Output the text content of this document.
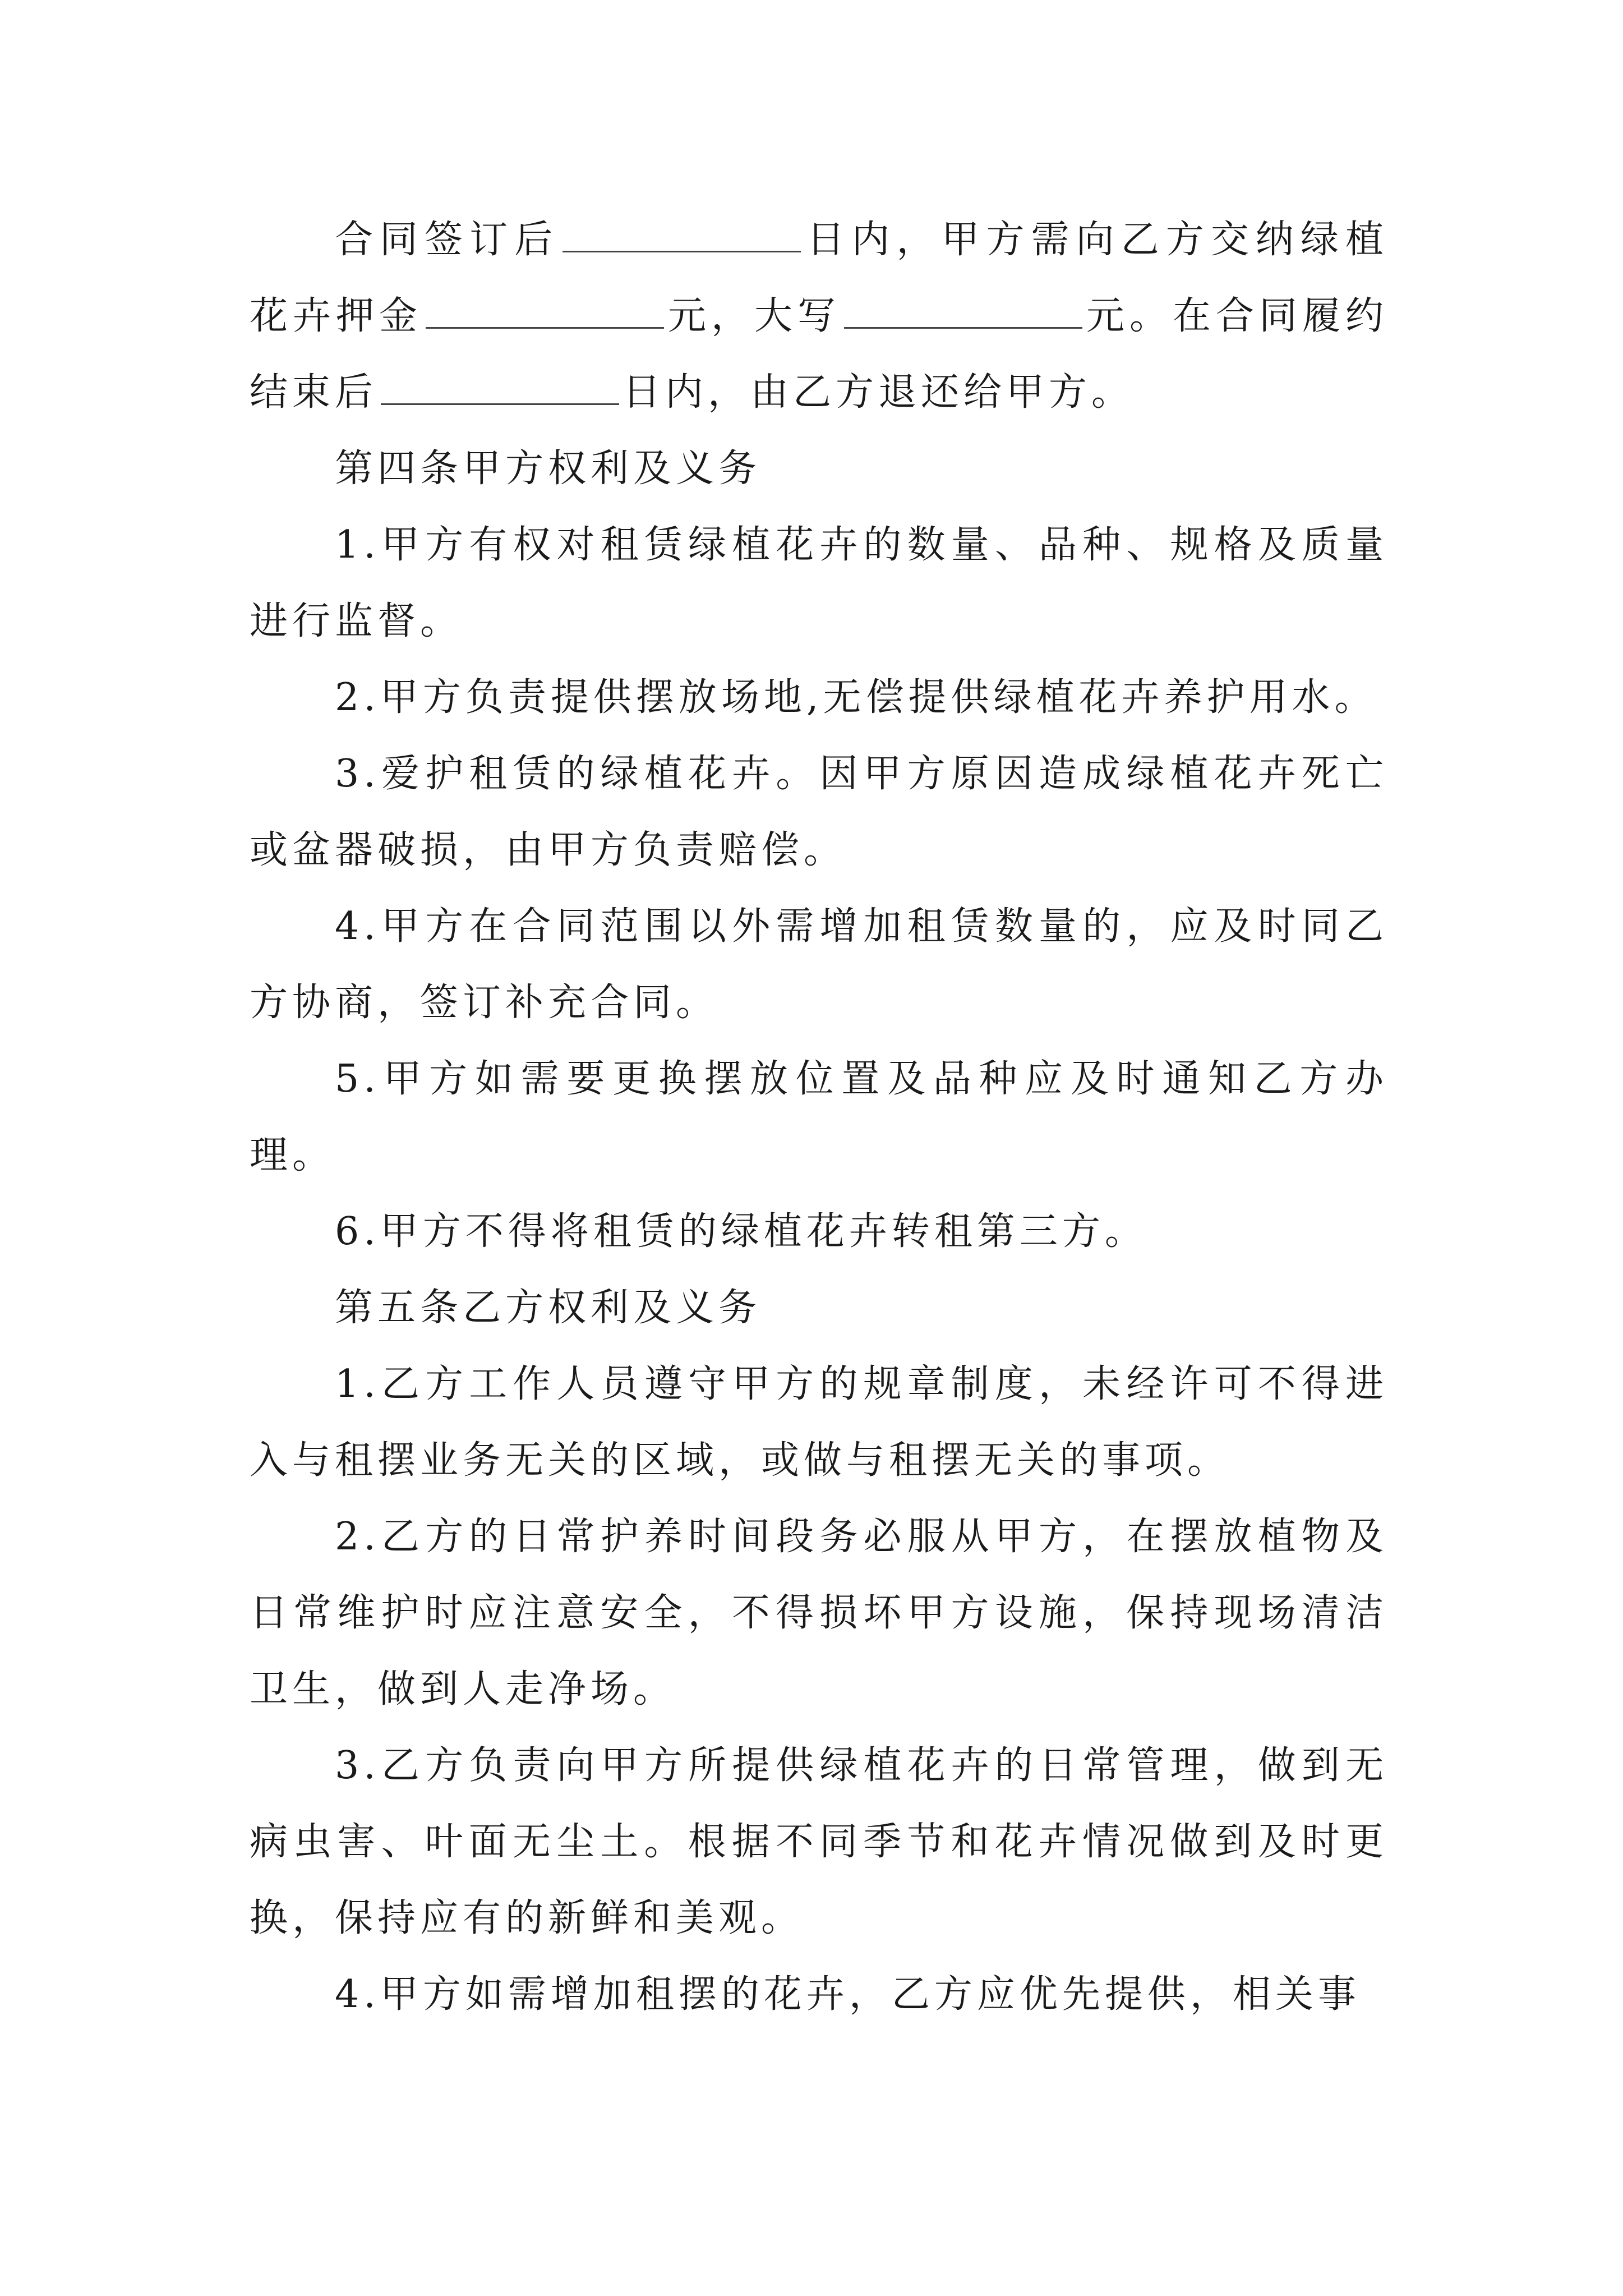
合同签订后	日内，甲方需向乙方交纳绿植花卉押金	元，大写	元。在合同履约结束后	日内，由乙方退还给甲方。

第四条甲方权利及义务

1.甲方有权对租赁绿植花卉的数量、品种、规格及质量进行监督。

2.甲方负责提供摆放场地,无偿提供绿植花卉养护用水。

3.爱护租赁的绿植花卉。因甲方原因造成绿植花卉死亡或盆器破损，由甲方负责赔偿。

4.甲方在合同范围以外需增加租赁数量的，应及时同乙方协商，签订补充合同。

5.甲方如需要更换摆放位置及品种应及时通知乙方办理。

6.甲方不得将租赁的绿植花卉转租第三方。

第五条乙方权利及义务

1.乙方工作人员遵守甲方的规章制度，未经许可不得进入与租摆业务无关的区域，或做与租摆无关的事项。

2.乙方的日常护养时间段务必服从甲方，在摆放植物及日常维护时应注意安全，不得损坏甲方设施，保持现场清洁卫生，做到人走净场。

3.乙方负责向甲方所提供绿植花卉的日常管理，做到无病虫害、叶面无尘土。根据不同季节和花卉情况做到及时更换，保持应有的新鲜和美观。

4.甲方如需增加租摆的花卉，乙方应优先提供，相关事
